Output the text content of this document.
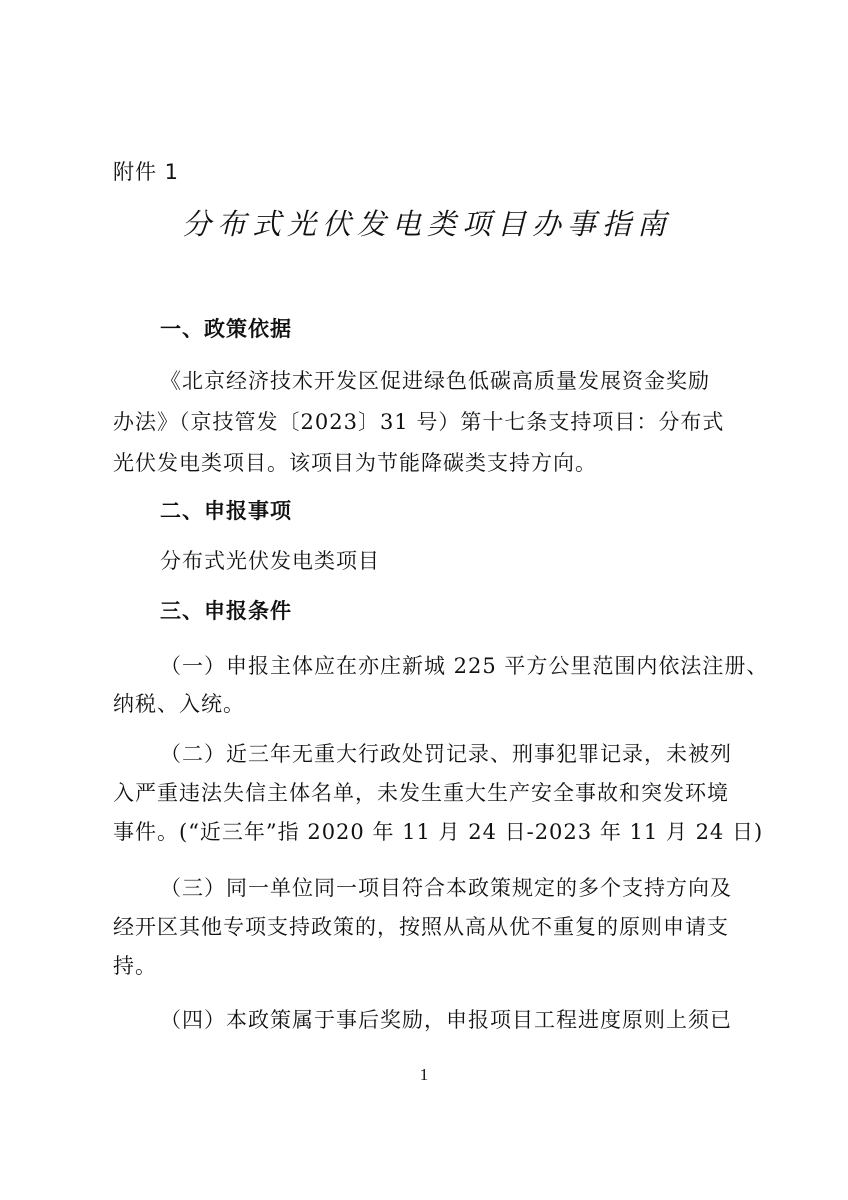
附件 1
分布式光伏发电类项目办事指南
一、政策依据
《北京经济技术开发区促进绿色低碳高质量发展资金奖励
办法》（京技管发〔2023〕31 号）第十七条支持项目：分布式
光伏发电类项目。该项目为节能降碳类支持方向。
二、申报事项
分布式光伏发电类项目
三、申报条件
（一）申报主体应在亦庄新城 225 平方公里范围内依法注册、
纳税、入统。
（二）近三年无重大行政处罚记录、刑事犯罪记录，未被列
入严重违法失信主体名单，未发生重大生产安全事故和突发环境
事件。(“近三年”指 2020 年 11 月 24 日-2023 年 11 月 24 日)
（三）同一单位同一项目符合本政策规定的多个支持方向及
经开区其他专项支持政策的，按照从高从优不重复的原则申请支
持。
（四）本政策属于事后奖励，申报项目工程进度原则上须已
1
